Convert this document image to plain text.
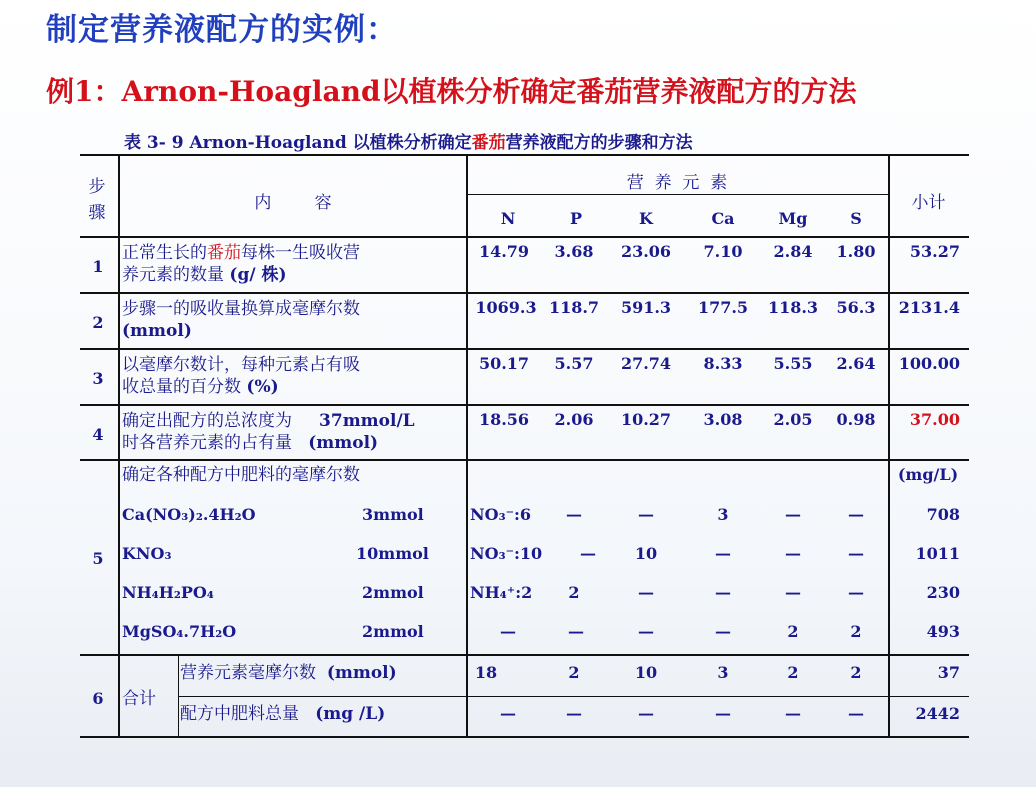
制定营养液配方的实例：
例1：Arnon-Hoagland以植株分析确定番茄营养液配方的方法
表 3- 9 Arnon-Hoagland 以植株分析确定番茄营养液配方的步骤和方法
步骤	内        容
营  养  元  素
小计
N	P	K	Ca	Mg	S
1
正常生长的番茄每株一生吸收营
养元素的数量 (g/ 株)
14.79	3.68	23.06	7.10	2.84	1.80	53.27
2
步骤一的吸收量换算成毫摩尔数
(mmol)
1069.3 118.7	591.3	177.5	118.3	56.3	2131.4
3
以毫摩尔数计，每种元素占有吸
收总量的百分数 (%)
50.17	5.57	27.74	8.33	5.55	2.64	100.00
4
确定出配方的总浓度为 37mmol/L
时各营养元素的占有量 (mmol)
18.56	2.06	10.27	3.08	2.05	0.98	37.00
5
确定各种配方中肥料的毫摩尔数	(mg/L)
Ca(NO₃)₂.4H₂O	3mmol	NO₃⁻:6	—	—	3	—	—	708
KNO₃	10mmol	NO₃⁻:10	—	10	—	—	—	1011
NH₄H₂PO₄	2mmol	NH₄⁺:2	2	—	—	—	—	230
MgSO₄.7H₂O	2mmol	—	—	—	—	2	2	493
6 合计
营养元素毫摩尔数 (mmol)	18	2	10	3	2	2	37
配方中肥料总量 (mg /L)	—	—	—	—	—	—	2442
